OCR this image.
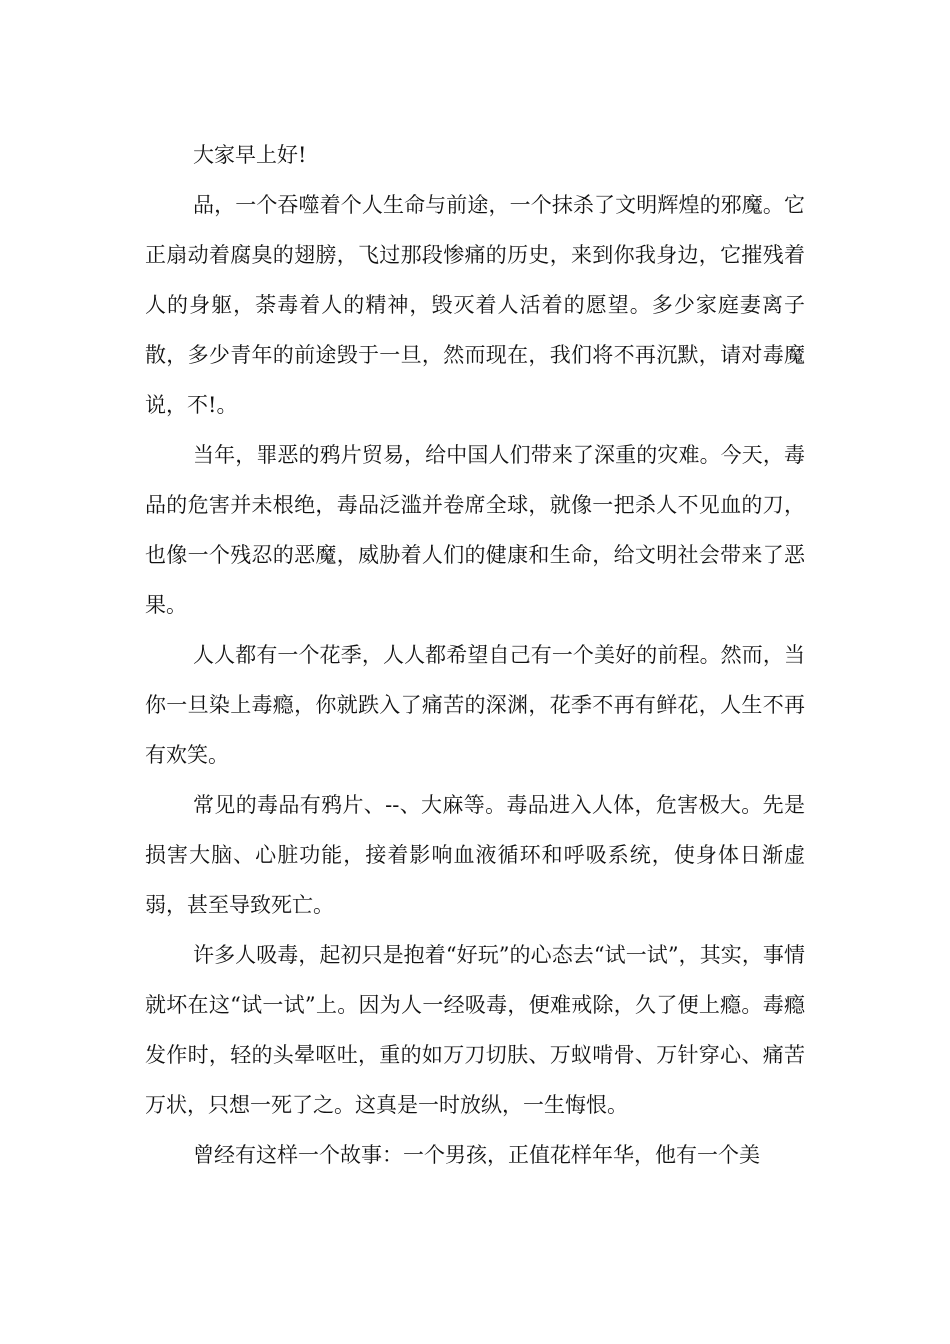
大家早上好!

品，一个吞噬着个人生命与前途，一个抹杀了文明辉煌的邪魔。它正扇动着腐臭的翅膀，飞过那段惨痛的历史，来到你我身边，它摧残着人的身躯，荼毒着人的精神，毁灭着人活着的愿望。多少家庭妻离子散，多少青年的前途毁于一旦，然而现在，我们将不再沉默，请对毒魔说，不!。

当年，罪恶的鸦片贸易，给中国人们带来了深重的灾难。今天，毒品的危害并未根绝，毒品泛滥并卷席全球，就像一把杀人不见血的刀，也像一个残忍的恶魔，威胁着人们的健康和生命，给文明社会带来了恶果。

人人都有一个花季，人人都希望自己有一个美好的前程。然而，当你一旦染上毒瘾，你就跌入了痛苦的深渊，花季不再有鲜花，人生不再有欢笑。

常见的毒品有鸦片、--、大麻等。毒品进入人体，危害极大。先是损害大脑、心脏功能，接着影响血液循环和呼吸系统，使身体日渐虚弱，甚至导致死亡。

许多人吸毒，起初只是抱着“好玩”的心态去“试一试”，其实，事情就坏在这“试一试”上。因为人一经吸毒，便难戒除，久了便上瘾。毒瘾发作时，轻的头晕呕吐，重的如万刀切肤、万蚁啃骨、万针穿心、痛苦万状，只想一死了之。这真是一时放纵，一生悔恨。

曾经有这样一个故事：一个男孩，正值花样年华，他有一个美
